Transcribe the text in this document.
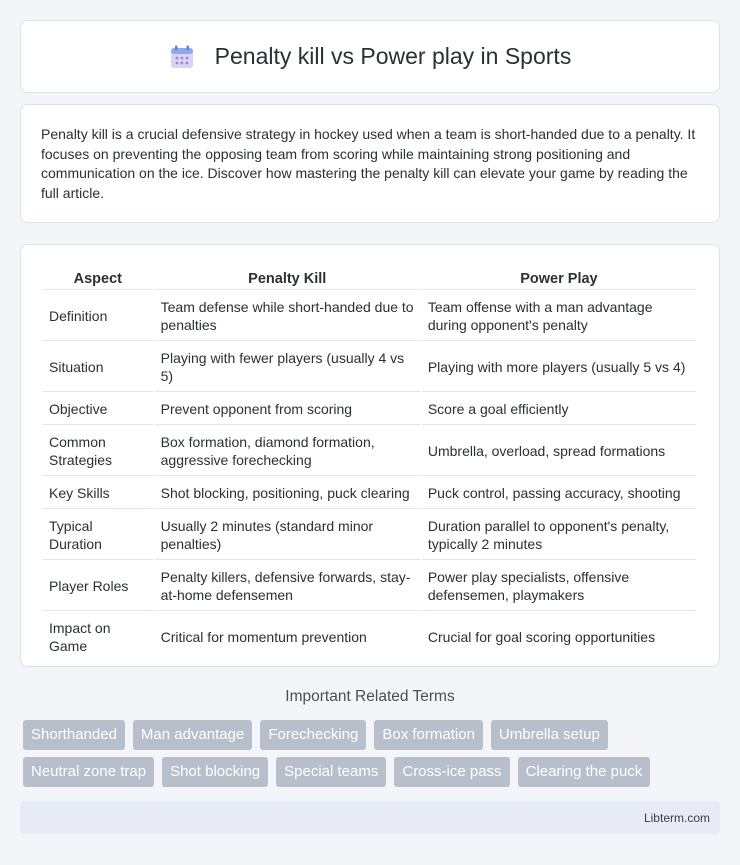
Penalty kill vs Power play in Sports

Penalty kill is a crucial defensive strategy in hockey used when a team is short-handed due to a penalty. It focuses on preventing the opposing team from scoring while maintaining strong positioning and communication on the ice. Discover how mastering the penalty kill can elevate your game by reading the full article.

Aspect	Penalty Kill	Power Play
Definition	Team defense while short-handed due to penalties	Team offense with a man advantage during opponent's penalty
Situation	Playing with fewer players (usually 4 vs 5)	Playing with more players (usually 5 vs 4)
Objective	Prevent opponent from scoring	Score a goal efficiently
Common Strategies	Box formation, diamond formation, aggressive forechecking	Umbrella, overload, spread formations
Key Skills	Shot blocking, positioning, puck clearing	Puck control, passing accuracy, shooting
Typical Duration	Usually 2 minutes (standard minor penalties)	Duration parallel to opponent's penalty, typically 2 minutes
Player Roles	Penalty killers, defensive forwards, stay-at-home defensemen	Power play specialists, offensive defensemen, playmakers
Impact on Game	Critical for momentum prevention	Crucial for goal scoring opportunities
Important Related Terms
Shorthanded	Man advantage	Forechecking	Box formation	Umbrella setup
Neutral zone trap	Shot blocking	Special teams	Cross-ice pass	Clearing the puck
Libterm.com
